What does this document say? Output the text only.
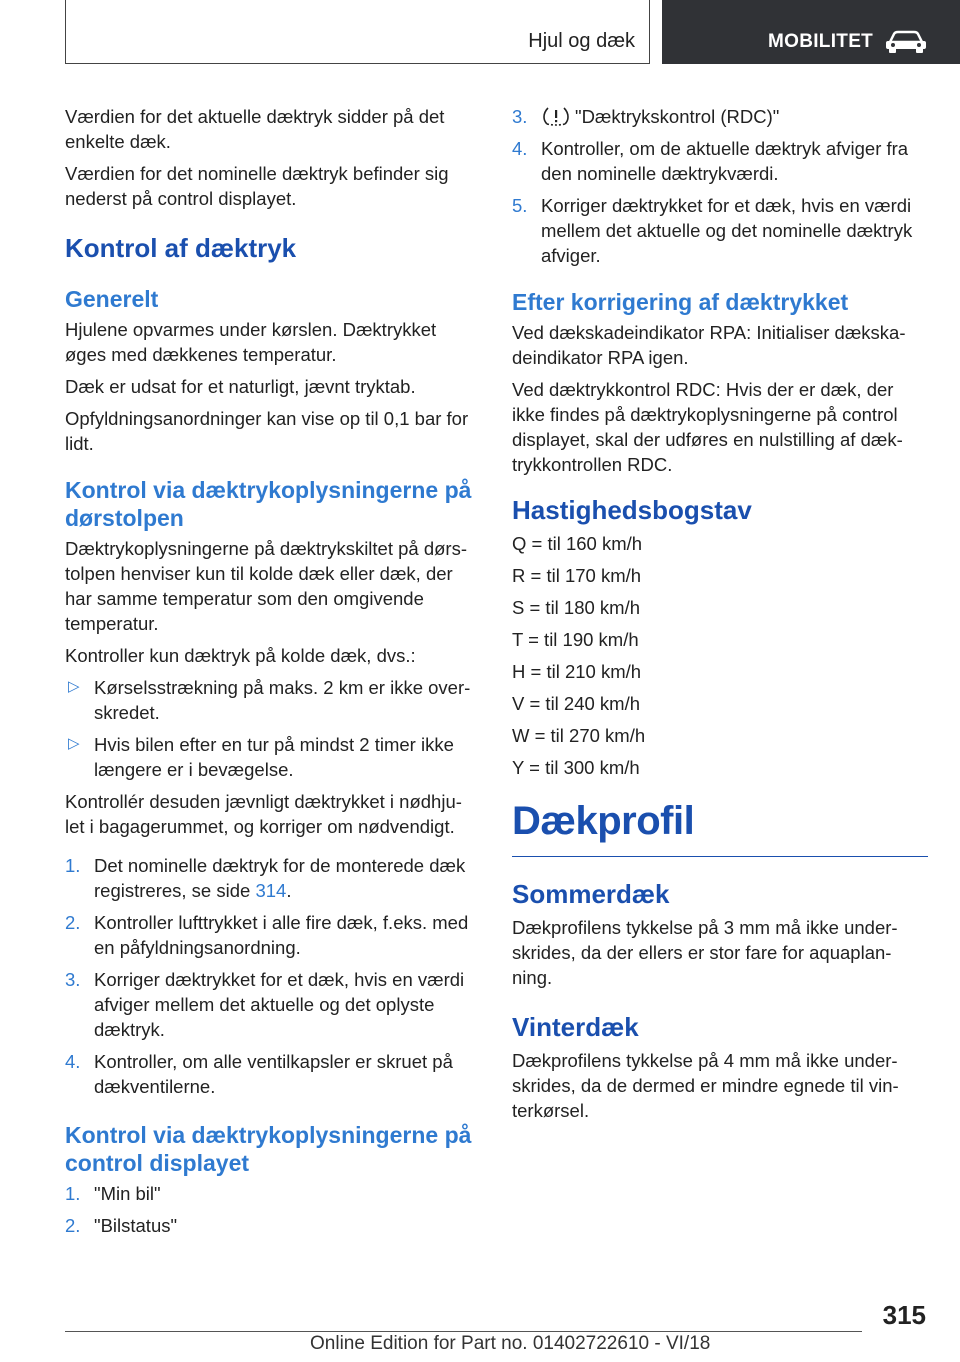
Hjul og dæk	MOBILITET

Værdien for det aktuelle dæktryk sidder på det enkelte dæk.

Værdien for det nominelle dæktryk befinder sig nederst på control displayet.

Kontrol af dæktryk
Generelt

Hjulene opvarmes under kørslen. Dæktrykket øges med dækkenes temperatur.

Dæk er udsat for et naturligt, jævnt tryktab.

Opfyldningsanordninger kan vise op til 0,1 bar for lidt.

Kontrol via dæktrykoplysningerne på dørstolpen

Dæktrykoplysningerne på dæktrykskiltet på dørs‐tolpen henviser kun til kolde dæk eller dæk, der har samme temperatur som den omgivende temperatur.

Kontroller kun dæktryk på kolde dæk, dvs.:

▷ Kørselsstrækning på maks. 2 km er ikke over‐skredet.
▷ Hvis bilen efter en tur på mindst 2 timer ikke længere er i bevægelse.

Kontrollér desuden jævnligt dæktrykket i nødhju‐let i bagagerummet, og korriger om nødvendigt.

1. Det nominelle dæktryk for de monterede dæk registreres, se side 314.
2. Kontroller lufttrykket i alle fire dæk, f.eks. med en påfyldningsanordning.
3. Korriger dæktrykket for et dæk, hvis en værdi afviger mellem det aktuelle og det oplyste dæktryk.
4. Kontroller, om alle ventilkapsler er skruet på dækventilerne.
Kontrol via dæktrykoplysningerne på control displayet
1. "Min bil"
2. "Bilstatus"
3.	"Dæktrykskontrol (RDC)"
4. Kontroller, om de aktuelle dæktryk afviger fra den nominelle dæktrykværdi.
5. Korriger dæktrykket for et dæk, hvis en værdi mellem det aktuelle og det nominelle dæktryk afviger.
Efter korrigering af dæktrykket

Ved dækskadeindikator RPA: Initialiser dækska‐deindikator RPA igen.

Ved dæktrykkontrol RDC: Hvis der er dæk, der ikke findes på dæktrykoplysningerne på control displayet, skal der udføres en nulstilling af dæk‐trykkontrollen RDC.

Hastighedsbogstav

Q = til 160 km/h

R = til 170 km/h

S = til 180 km/h

T = til 190 km/h

H = til 210 km/h

V = til 240 km/h

W = til 270 km/h

Y = til 300 km/h

Dækprofil
Sommerdæk

Dækprofilens tykkelse på 3 mm må ikke under‐skrides, da der ellers er stor fare for aquaplan‐ning.

Vinterdæk

Dækprofilens tykkelse på 4 mm må ikke under‐skrides, da de dermed er mindre egnede til vin‐terkørsel.

315
Online Edition for Part no. 01402722610 - VI/18
